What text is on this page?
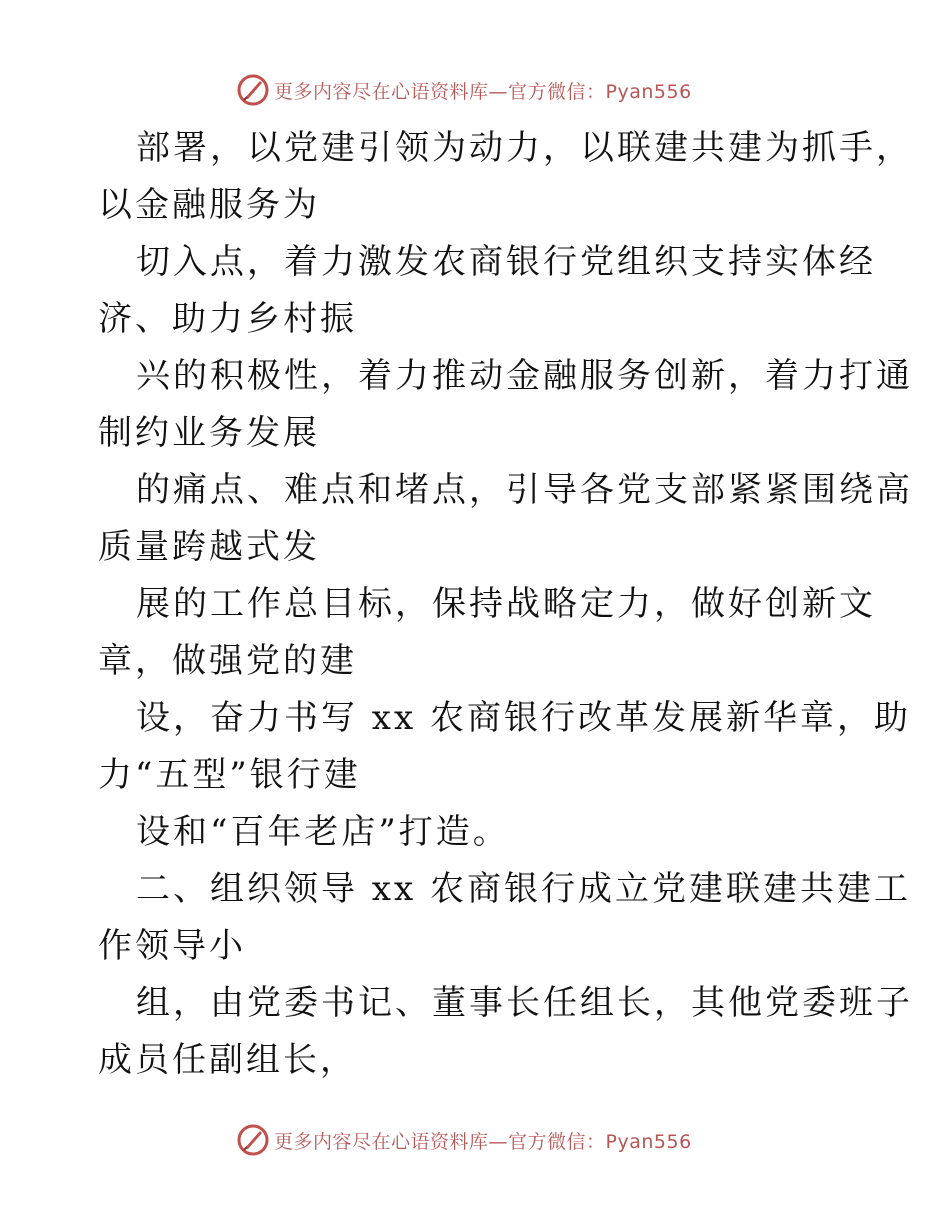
更多内容尽在心语资料库—官方微信：Pyan556
部署，以党建引领为动力，以联建共建为抓手，
以金融服务为
切入点，着力激发农商银行党组织支持实体经
济、助力乡村振
兴的积极性，着力推动金融服务创新，着力打通
制约业务发展
的痛点、难点和堵点，引导各党支部紧紧围绕高
质量跨越式发
展的工作总目标，保持战略定力，做好创新文
章，做强党的建
设，奋力书写 xx 农商银行改革发展新华章，助
力“五型”银行建
设和“百年老店”打造。
二、组织领导 xx 农商银行成立党建联建共建工
作领导小
组，由党委书记、董事长任组长，其他党委班子
成员任副组长，
更多内容尽在心语资料库—官方微信：Pyan556
